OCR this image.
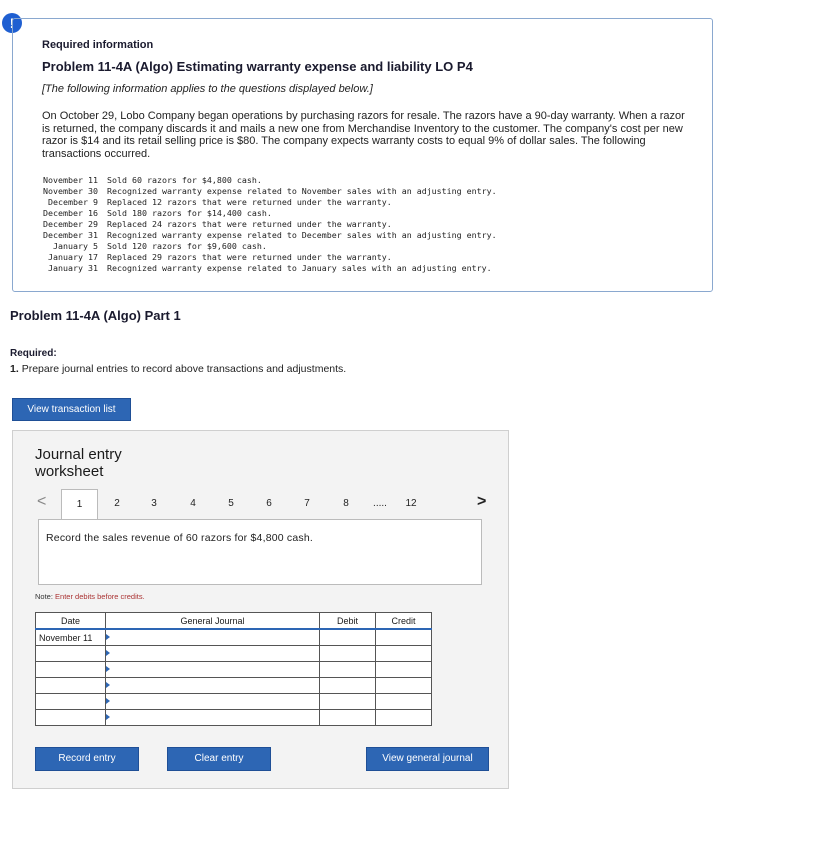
!
Required information
Problem 11-4A (Algo) Estimating warranty expense and liability LO P4
[The following information applies to the questions displayed below.]
On October 29, Lobo Company began operations by purchasing razors for resale. The razors have a 90-day warranty. When a razor is returned, the company discards it and mails a new one from Merchandise Inventory to the customer. The company's cost per new razor is $14 and its retail selling price is $80. The company expects warranty costs to equal 9% of dollar sales. The following transactions occurred.
November 11 Sold 60 razors for $4,800 cash.
November 30 Recognized warranty expense related to November sales with an adjusting entry.
December 9 Replaced 12 razors that were returned under the warranty.
December 16 Sold 180 razors for $14,400 cash.
December 29 Replaced 24 razors that were returned under the warranty.
December 31 Recognized warranty expense related to December sales with an adjusting entry.
January 5 Sold 120 razors for $9,600 cash.
January 17 Replaced 29 razors that were returned under the warranty.
January 31 Recognized warranty expense related to January sales with an adjusting entry.
Problem 11-4A (Algo) Part 1
Required:
1. Prepare journal entries to record above transactions and adjustments.
View transaction list
Journal entry worksheet
<	1	2	3	4	5	6	7	8	.....	12	>
Record the sales revenue of 60 razors for $4,800 cash.
Note: Enter debits before credits.
Date	General Journal	Debit	Credit
November 11	

Record entry	Clear entry	View general journal
